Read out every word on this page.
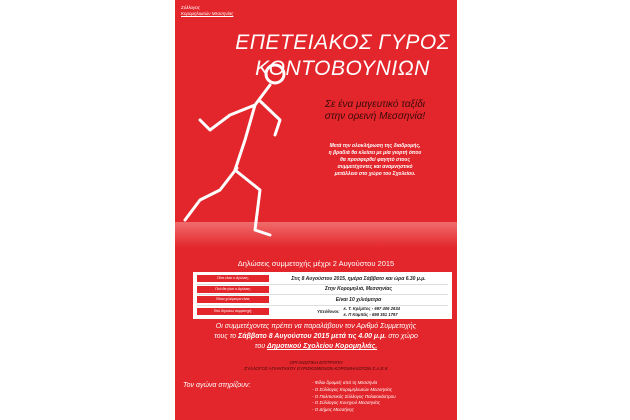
Σύλλογος
Κορομηλιωτών Μεσσηνίας
ΕΠΕΤΕΙΑΚΟΣ ΓΥΡΟΣ
ΚΟΝΤΟΒΟΥΝΙΩΝ
Σε ένα μαγευτικό ταξίδι
στην ορεινή Μεσσηνία!
Μετά την ολοκλήρωση της διαδρομής,
η βραδιά θα κλείσει με μία γιορτή όπου
θα προσφερθεί φαγητό στους
συμμετέχοντες και αναμνηστικό
μετάλλειο στο χώρο του Σχολείου.
Δηλώσεις συμμετοχής μέχρι 2 Αυγούστου 2015
Πότε είναι ο Αγώνας;	Στις 8 Αυγούστου 2015, ημέρα Σάββατο και ώρα 6.30 μ.μ.
Πού θα γίνει ο Αγώνας;	Στην Κορομηλιά, Μεσσηνίας
Πόσα χιλιόμετρα είναι;	Είναι 10 χιλιόμετρα
Πού δηλώνω συμμετοχή;	Υπεύθυνοι:
κ. Τ. Κρέμπος - 697 406 2634
κ. Π Καμπάς - 698 351 1797
Οι συμμετέχοντες πρέπει να παραλάβουν τον Αριθμό Συμμετοχής
τους το Σάββατο 8 Αυγούστου 2015 μετά τις 4.00 μ.μ. στο χώρο
του Δημοτικού Σχολείου Κορομηλιάς.
ΟΡΓΑΝΩΤΙΚΗ ΕΠΙΤΡΟΠΗ
ΣΥΛΛΟΓΟΣ ΑΠΑΝΤΑΧΟΥ ΕΥΡΙΣΚΟΜΕΝΩΝ ΚΟΡΟΜΗΛΙΩΤΩΝ Σ.Α.Ε.Κ
Τον αγώνα στηρίζουν:	- Φίλοι δρομείς από τη Μεσσηνία
- Ο Σύλλογος Κορομηλιωτών Μεσσηνίας
- Ο Πολιτιστικός Σύλλογος Παλαιοκάστρου
- Ο Σύλλογος Κυνηγού Μεσσηνίας
- Ο Δήμος Μεσσήνης
